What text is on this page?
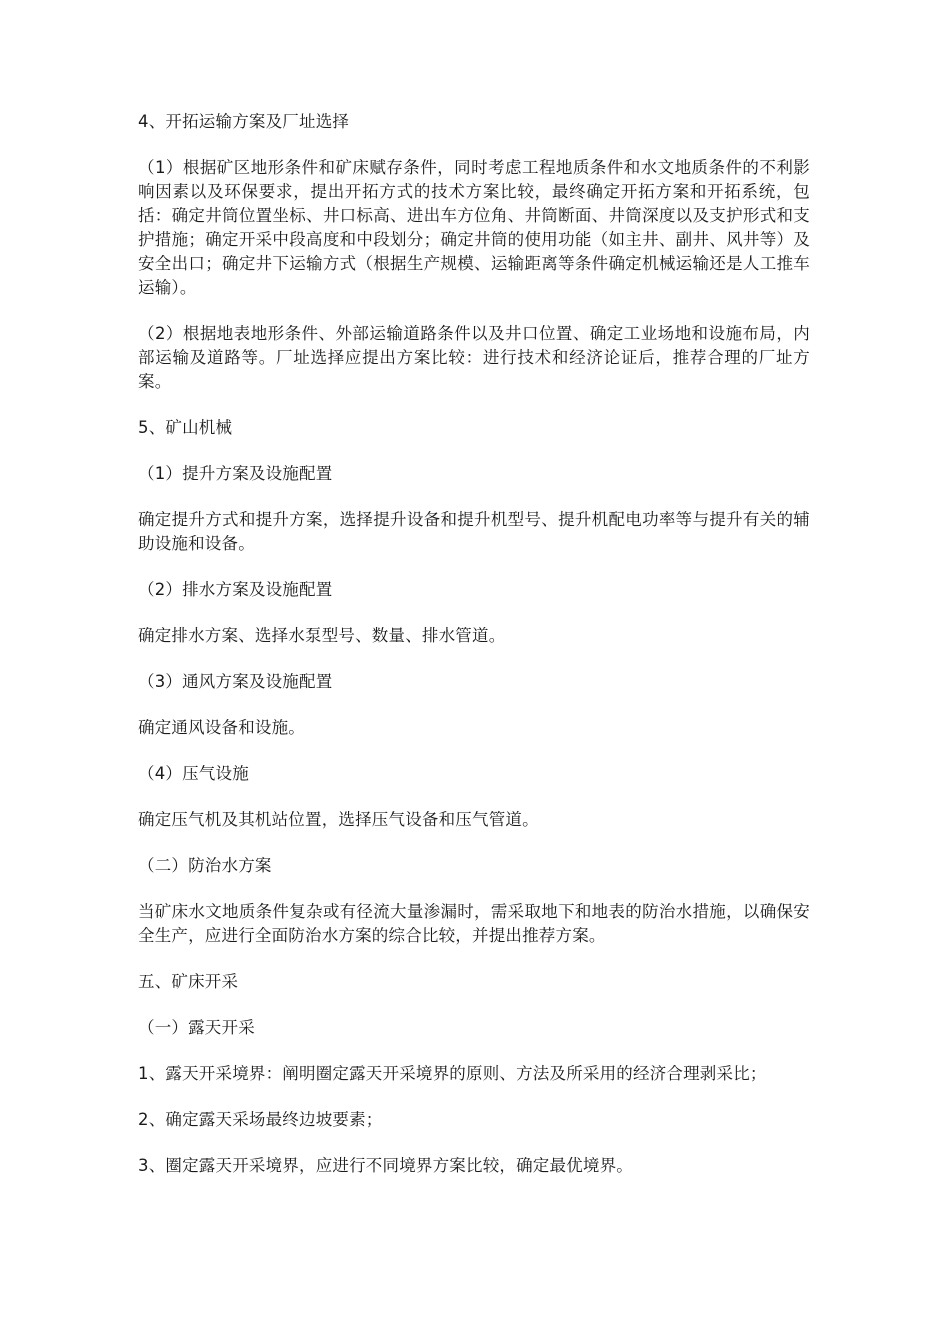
4、开拓运输方案及厂址选择

（1）根据矿区地形条件和矿床赋存条件，同时考虑工程地质条件和水文地质条件的不利影响因素以及环保要求，提出开拓方式的技术方案比较，最终确定开拓方案和开拓系统，包括：确定井筒位置坐标、井口标高、进出车方位角、井筒断面、井筒深度以及支护形式和支护措施；确定开采中段高度和中段划分；确定井筒的使用功能（如主井、副井、风井等）及安全出口；确定井下运输方式（根据生产规模、运输距离等条件确定机械运输还是人工推车运输）。

（2）根据地表地形条件、外部运输道路条件以及井口位置、确定工业场地和设施布局，内部运输及道路等。厂址选择应提出方案比较：进行技术和经济论证后，推荐合理的厂址方案。

5、矿山机械

（1）提升方案及设施配置

确定提升方式和提升方案，选择提升设备和提升机型号、提升机配电功率等与提升有关的辅助设施和设备。

（2）排水方案及设施配置

确定排水方案、选择水泵型号、数量、排水管道。

（3）通风方案及设施配置

确定通风设备和设施。

（4）压气设施

确定压气机及其机站位置，选择压气设备和压气管道。

（二）防治水方案

当矿床水文地质条件复杂或有径流大量渗漏时，需采取地下和地表的防治水措施，以确保安全生产，应进行全面防治水方案的综合比较，并提出推荐方案。

五、矿床开采

（一）露天开采

1、露天开采境界：阐明圈定露天开采境界的原则、方法及所采用的经济合理剥采比；

2、确定露天采场最终边坡要素；

3、圈定露天开采境界，应进行不同境界方案比较，确定最优境界。
